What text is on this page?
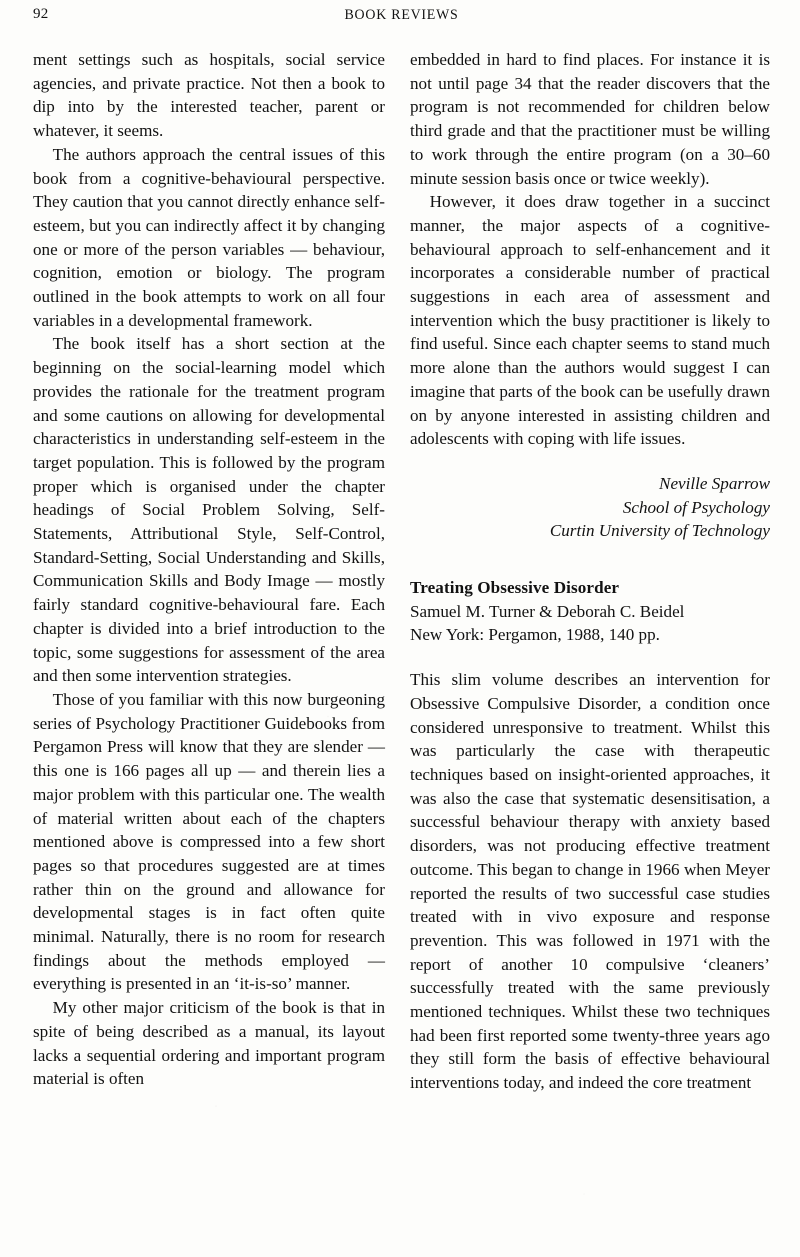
92	BOOK REVIEWS

ment settings such as hospitals, social service agencies, and private practice. Not then a book to dip into by the interested teacher, parent or whatever, it seems.

The authors approach the central issues of this book from a cognitive-behavioural perspective. They caution that you cannot directly enhance self-esteem, but you can indirectly affect it by changing one or more of the person variables — behaviour, cognition, emotion or biology. The program outlined in the book attempts to work on all four variables in a developmental framework.

The book itself has a short section at the beginning on the social-learning model which provides the rationale for the treatment program and some cautions on allowing for developmental characteristics in understanding self-esteem in the target population. This is followed by the program proper which is organised under the chapter headings of Social Problem Solving, Self-Statements, Attributional Style, Self-Control, Standard-Setting, Social Understanding and Skills, Communication Skills and Body Image — mostly fairly standard cognitive-behavioural fare. Each chapter is divided into a brief introduction to the topic, some suggestions for assessment of the area and then some intervention strategies.

Those of you familiar with this now burgeoning series of Psychology Practitioner Guidebooks from Pergamon Press will know that they are slender — this one is 166 pages all up — and therein lies a major problem with this particular one. The wealth of material written about each of the chapters mentioned above is compressed into a few short pages so that procedures suggested are at times rather thin on the ground and allowance for developmental stages is in fact often quite minimal. Naturally, there is no room for research findings about the methods employed — everything is presented in an ‘it-is-so’ manner.

My other major criticism of the book is that in spite of being described as a manual, its layout lacks a sequential ordering and important program material is often

embedded in hard to find places. For instance it is not until page 34 that the reader discovers that the program is not recommended for children below third grade and that the practitioner must be willing to work through the entire program (on a 30–60 minute session basis once or twice weekly).

However, it does draw together in a succinct manner, the major aspects of a cognitive-behavioural approach to self-enhancement and it incorporates a considerable number of practical suggestions in each area of assessment and intervention which the busy practitioner is likely to find useful. Since each chapter seems to stand much more alone than the authors would suggest I can imagine that parts of the book can be usefully drawn on by anyone interested in assisting children and adolescents with coping with life issues.

Neville Sparrow
School of Psychology
Curtin University of Technology
Treating Obsessive Disorder
Samuel M. Turner & Deborah C. Beidel
New York: Pergamon, 1988, 140 pp.

This slim volume describes an intervention for Obsessive Compulsive Disorder, a condition once considered unresponsive to treatment. Whilst this was particularly the case with therapeutic techniques based on insight-oriented approaches, it was also the case that systematic desensitisation, a successful behaviour therapy with anxiety based disorders, was not producing effective treatment outcome. This began to change in 1966 when Meyer reported the results of two successful case studies treated with in vivo exposure and response prevention. This was followed in 1971 with the report of another 10 compulsive ‘cleaners’ successfully treated with the same previously mentioned techniques. Whilst these two techniques had been first reported some twenty-three years ago they still form the basis of effective behavioural interventions today, and indeed the core treatment
